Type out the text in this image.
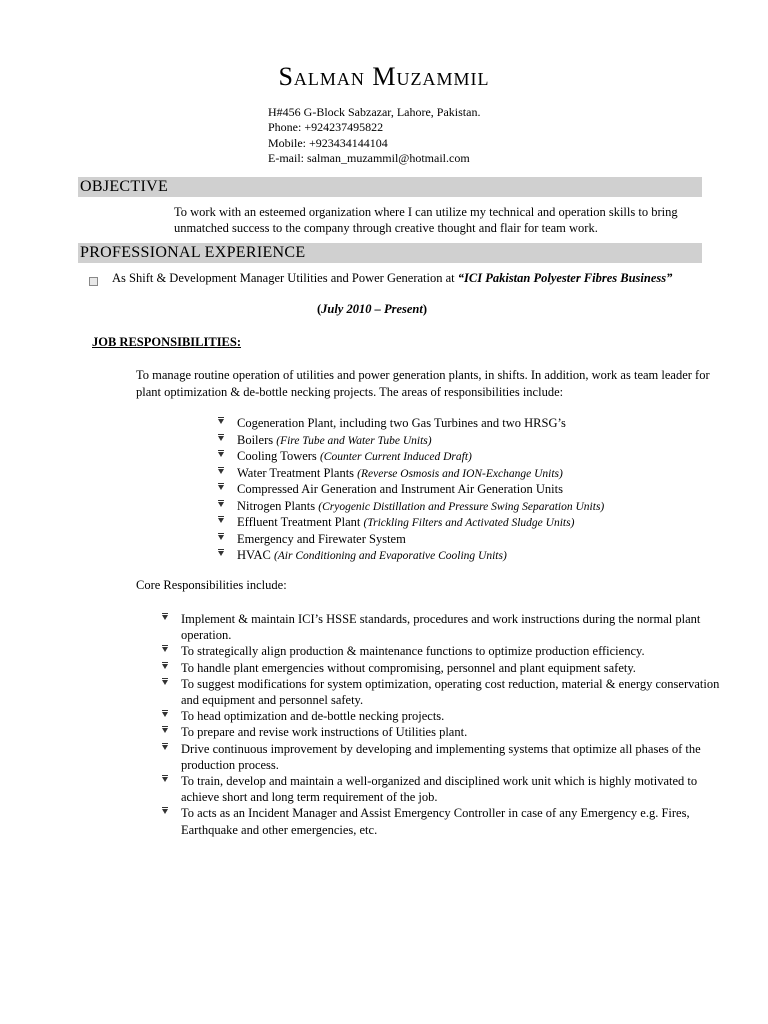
Salman Muzammil
H#456 G-Block Sabzazar, Lahore, Pakistan.
Phone: +924237495822
Mobile: +923434144104
E-mail: salman_muzammil@hotmail.com
OBJECTIVE
To work with an esteemed organization where I can utilize my technical and operation skills to bring unmatched success to the company through creative thought and flair for team work.
PROFESSIONAL EXPERIENCE
As Shift & Development Manager Utilities and Power Generation at “ICI Pakistan Polyester Fibres Business”
(July 2010 – Present)
JOB RESPONSIBILITIES:
To manage routine operation of utilities and power generation plants, in shifts. In addition, work as team leader for plant optimization & de-bottle necking projects. The areas of responsibilities include:
Cogeneration Plant, including two Gas Turbines and two HRSG’s
Boilers (Fire Tube and Water Tube Units)
Cooling Towers (Counter Current Induced Draft)
Water Treatment Plants (Reverse Osmosis and ION-Exchange Units)
Compressed Air Generation and Instrument Air Generation Units
Nitrogen Plants (Cryogenic Distillation and Pressure Swing Separation Units)
Effluent Treatment Plant (Trickling Filters and Activated Sludge Units)
Emergency and Firewater System
HVAC (Air Conditioning and Evaporative Cooling Units)
Core Responsibilities include:
Implement & maintain ICI’s HSSE standards, procedures and work instructions during the normal plant operation.
To strategically align production & maintenance functions to optimize production efficiency.
To handle plant emergencies without compromising, personnel and plant equipment safety.
To suggest modifications for system optimization, operating cost reduction, material & energy conservation and equipment and personnel safety.
To head optimization and de-bottle necking projects.
To prepare and revise work instructions of Utilities plant.
Drive continuous improvement by developing and implementing systems that optimize all phases of the production process.
To train, develop and maintain a well-organized and disciplined work unit which is highly motivated to achieve short and long term requirement of the job.
To acts as an Incident Manager and Assist Emergency Controller in case of any Emergency e.g. Fires, Earthquake and other emergencies, etc.
